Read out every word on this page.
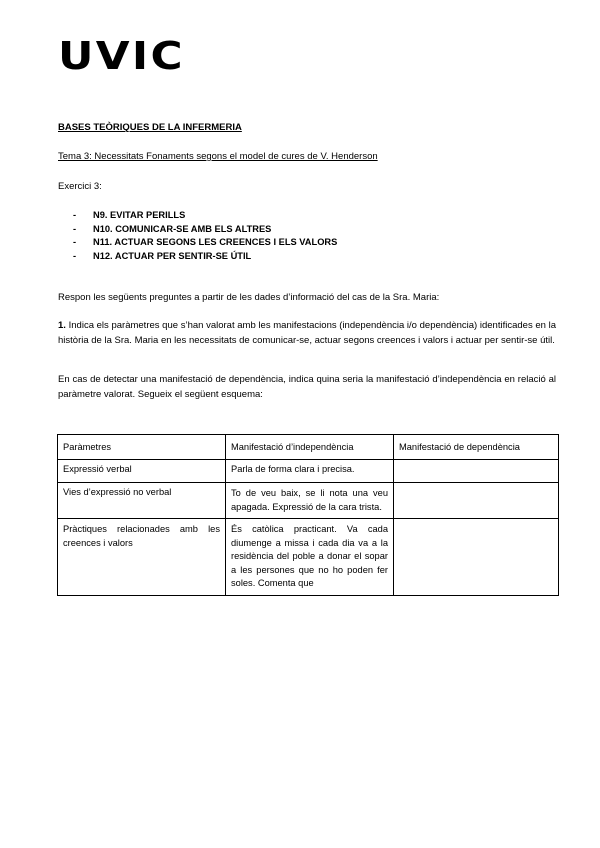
UVIC
BASES TEÒRIQUES DE LA INFERMERIA
Tema 3: Necessitats Fonaments segons el model de cures de V. Henderson
Exercici 3:
- N9. EVITAR PERILLS
- N10. COMUNICAR-SE AMB ELS ALTRES
- N11. ACTUAR SEGONS LES CREENCES I ELS VALORS
- N12. ACTUAR PER SENTIR-SE ÚTIL
Respon les següents preguntes a partir de les dades d’informació del cas de la Sra. Maria:
1. Indica els paràmetres que s’han valorat amb les manifestacions (independència i/o dependència) identificades en la història de la Sra. Maria en les necessitats de comunicar-se, actuar segons creences i valors i actuar per sentir-se útil.
En cas de detectar una manifestació de dependència, indica quina seria la manifestació d’independència en relació al paràmetre valorat. Segueix el següent esquema:
Paràmetres	Manifestació d’independència	Manifestació de dependència
Expressió verbal	Parla de forma clara i precisa.	
Vies d’expressió no verbal	To de veu baix, se li nota una veu apagada. Expressió de la cara trista.	
Pràctiques relacionades amb les creences i valors	És catòlica practicant. Va cada diumenge a missa i cada dia va a la residència del poble a donar el sopar a les persones que no ho poden fer soles. Comenta que	
